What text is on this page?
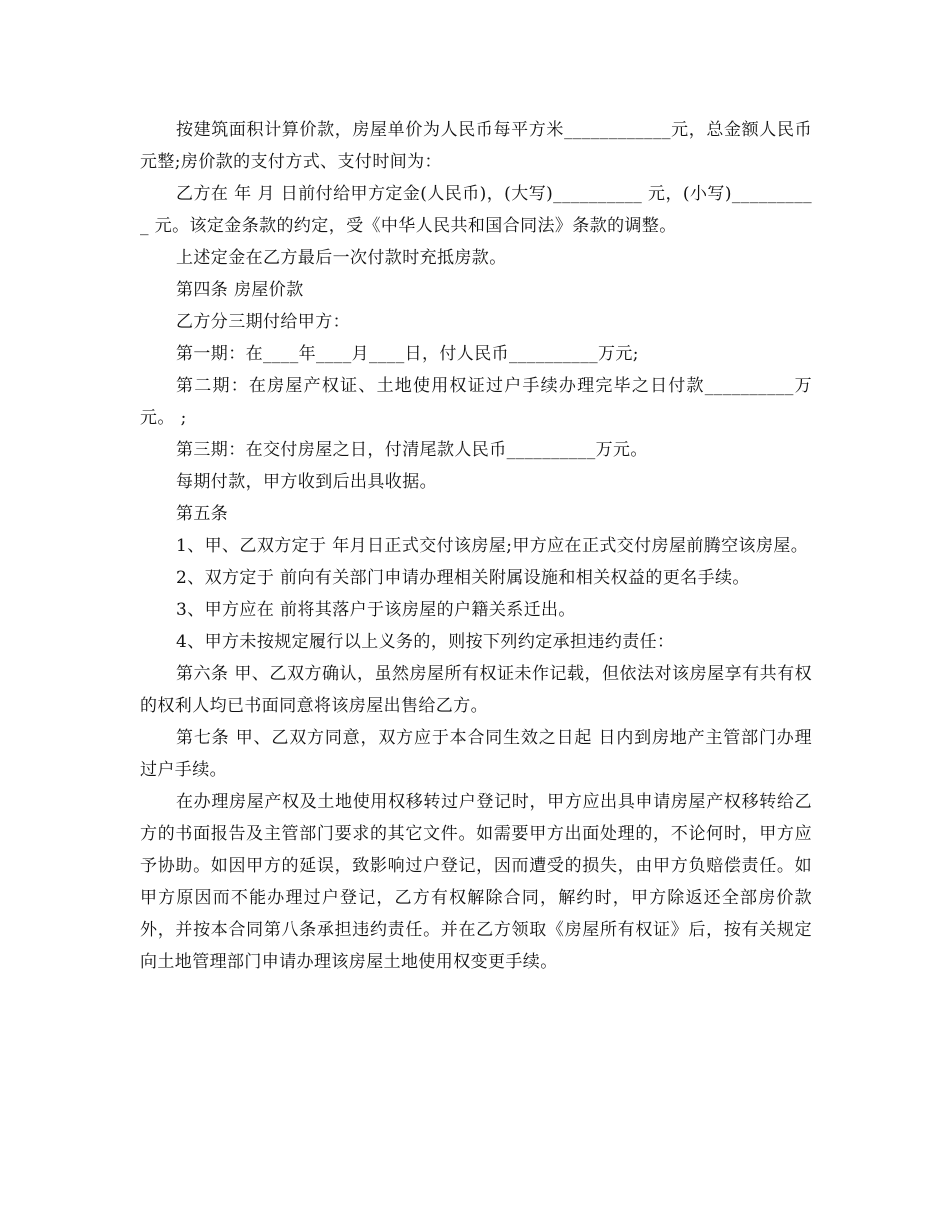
按建筑面积计算价款，房屋单价为人民币每平方米____________元，总金额人民币 元整;房价款的支付方式、支付时间为：

乙方在 年 月 日前付给甲方定金(人民币)，(大写)__________ 元，(小写)__________ 元。该定金条款的约定，受《中华人民共和国合同法》条款的调整。

上述定金在乙方最后一次付款时充抵房款。

第四条 房屋价款

乙方分三期付给甲方：

第一期：在____年____月____日，付人民币__________万元;

第二期：在房屋产权证、土地使用权证过户手续办理完毕之日付款__________万元。 ;

第三期：在交付房屋之日，付清尾款人民币__________万元。

每期付款，甲方收到后出具收据。

第五条

1、甲、乙双方定于 年月日正式交付该房屋;甲方应在正式交付房屋前腾空该房屋。

2、双方定于 前向有关部门申请办理相关附属设施和相关权益的更名手续。

3、甲方应在 前将其落户于该房屋的户籍关系迁出。

4、甲方未按规定履行以上义务的，则按下列约定承担违约责任：

第六条 甲、乙双方确认，虽然房屋所有权证未作记载，但依法对该房屋享有共有权的权利人均已书面同意将该房屋出售给乙方。

第七条 甲、乙双方同意，双方应于本合同生效之日起 日内到房地产主管部门办理过户手续。

在办理房屋产权及土地使用权移转过户登记时，甲方应出具申请房屋产权移转给乙方的书面报告及主管部门要求的其它文件。如需要甲方出面处理的，不论何时，甲方应予协助。如因甲方的延误，致影响过户登记，因而遭受的损失，由甲方负赔偿责任。如甲方原因而不能办理过户登记，乙方有权解除合同，解约时，甲方除返还全部房价款外，并按本合同第八条承担违约责任。并在乙方领取《房屋所有权证》后，按有关规定向土地管理部门申请办理该房屋土地使用权变更手续。
